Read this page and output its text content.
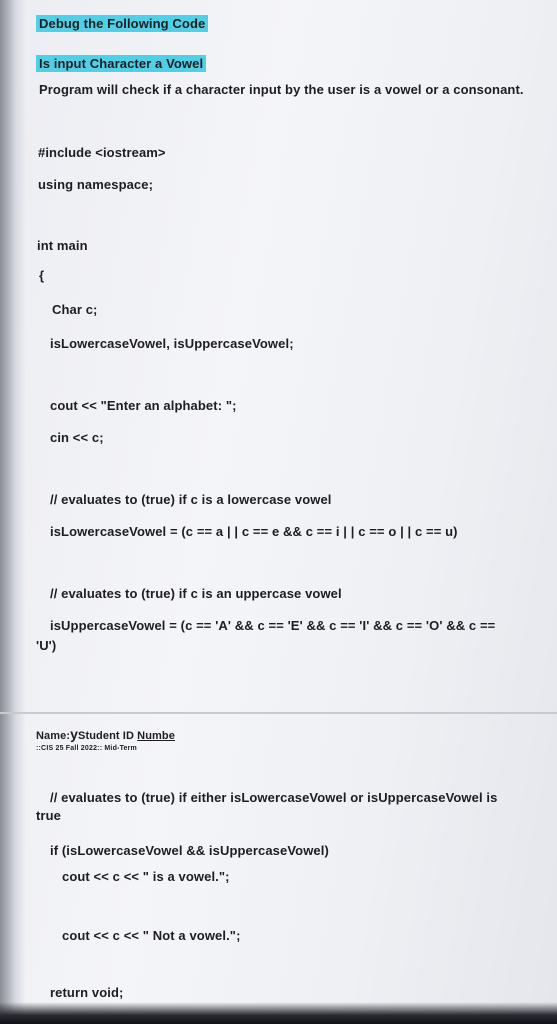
Debug the Following Code
Is input Character a Vowel
Program will check if a character input by the user is a vowel or a consonant.
#include <iostream>
using namespace;
int main
{
Char c;
isLowercaseVowel, isUppercaseVowel;
cout << "Enter an alphabet: ";
cin << c;
// evaluates to (true) if c is a lowercase vowel
isLowercaseVowel = (c == a | | c == e && c == i | | c == o | | c == u)
// evaluates to (true) if c is an uppercase vowel
isUppercaseVowel = (c == 'A' && c == 'E' && c == 'I' && c == 'O' && c ==
'U')
Name:yStudent ID Numbe
::CIS 25 Fall 2022:: Mid-Term
// evaluates to (true) if either isLowercaseVowel or isUppercaseVowel is
true
if (isLowercaseVowel && isUppercaseVowel)
cout << c << " is a vowel.";
cout << c << " Not a vowel.";
return void;
